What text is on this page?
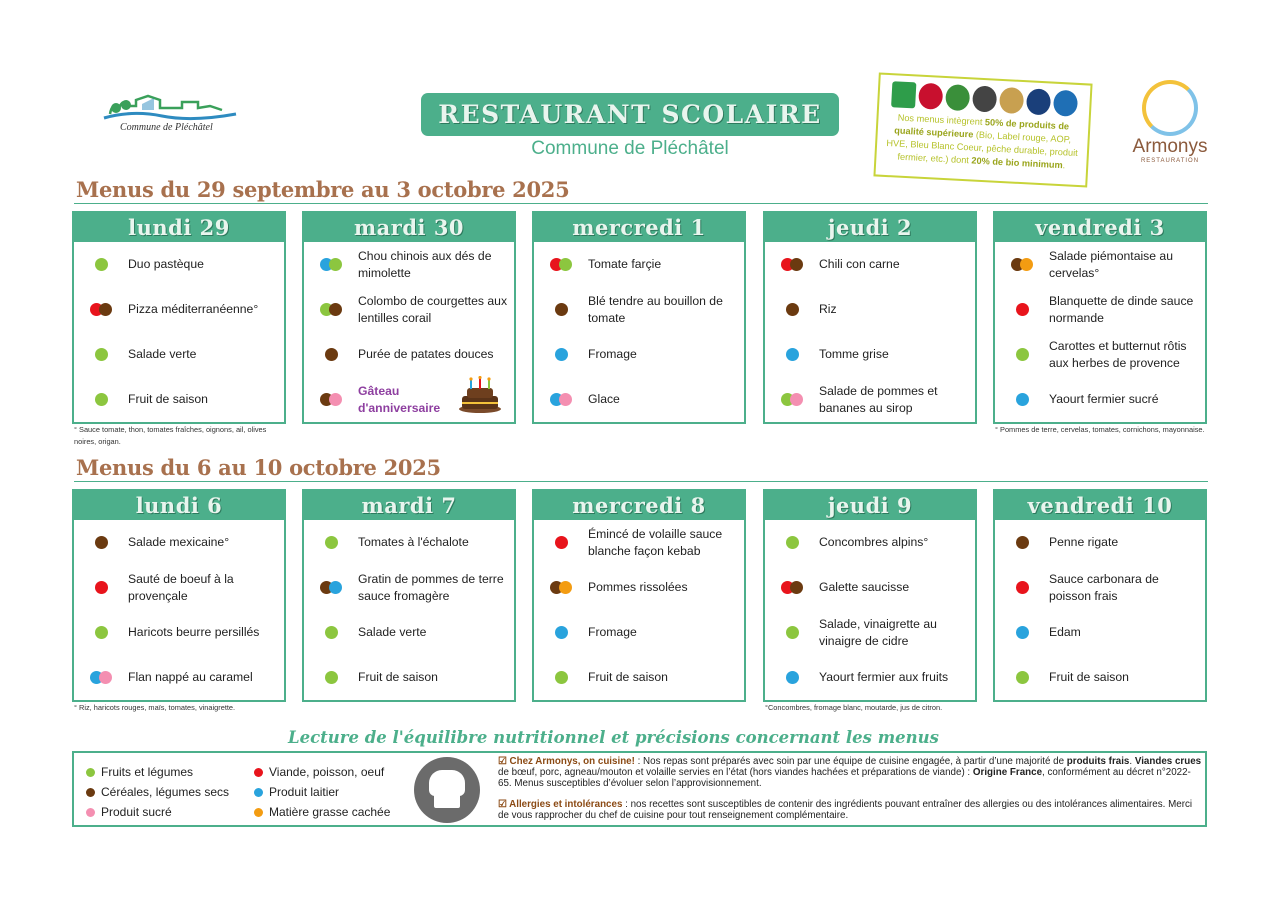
Commune de Pléchâtel	RESTAURANT SCOLAIRE
Commune de Pléchâtel
Nos menus intègrent 50% de produits de qualité supérieure (Bio, Label rouge, AOP, HVE, Bleu Blanc Coeur, pêche durable, produit fermier, etc.) dont 20% de bio minimum.
Armonys
RESTAURATION
Menus du 29 septembre au 3 octobre 2025
lundi 29
Duo pastèque
Pizza méditerranéenne°
Salade verte
Fruit de saison
° Sauce tomate, thon, tomates fraîches, oignons, ail, olives noires, origan.
mardi 30
Chou chinois aux dés de mimolette
Colombo de courgettes aux lentilles corail
Purée de patates douces
Gâteau d'anniversaire
mercredi 1
Tomate farçie
Blé tendre au bouillon de tomate
Fromage
Glace
jeudi 2
Chili con carne
Riz
Tomme grise
Salade de pommes et bananes au sirop
vendredi 3
Salade piémontaise au cervelas°
Blanquette de dinde sauce normande
Carottes et butternut rôtis aux herbes de provence
Yaourt fermier sucré
° Pommes de terre, cervelas, tomates, cornichons, mayonnaise.
Menus du 6 au 10 octobre 2025
lundi 6
Salade mexicaine°
Sauté de boeuf à la provençale
Haricots beurre persillés
Flan nappé au caramel
° Riz, haricots rouges, maïs, tomates, vinaigrette.
mardi 7
Tomates à l'échalote
Gratin de pommes de terre sauce fromagère
Salade verte
Fruit de saison
mercredi 8
Émincé de volaille sauce blanche façon kebab
Pommes rissolées
Fromage
Fruit de saison
jeudi 9
Concombres alpins°
Galette saucisse
Salade, vinaigrette au vinaigre de cidre
Yaourt fermier aux fruits
°Concombres, fromage blanc, moutarde, jus de citron.
vendredi 10
Penne rigate
Sauce carbonara de poisson frais
Edam
Fruit de saison
Lecture de l'équilibre nutritionnel et précisions concernant les menus
Fruits et légumes
Céréales, légumes secs
Produit sucré
Viande, poisson, oeuf
Produit laitier
Matière grasse cachée

☑ Chez Armonys, on cuisine! : Nos repas sont préparés avec soin par une équipe de cuisine engagée, à partir d’une majorité de produits frais. Viandes crues de bœuf, porc, agneau/mouton et volaille servies en l’état (hors viandes hachées et préparations de viande) : Origine France, conformément au décret n°2022-65. Menus susceptibles d’évoluer selon l’approvisionnement.

☑ Allergies et intolérances : nos recettes sont susceptibles de contenir des ingrédients pouvant entraîner des allergies ou des intolérances alimentaires. Merci de vous rapprocher du chef de cuisine pour tout renseignement complémentaire.
